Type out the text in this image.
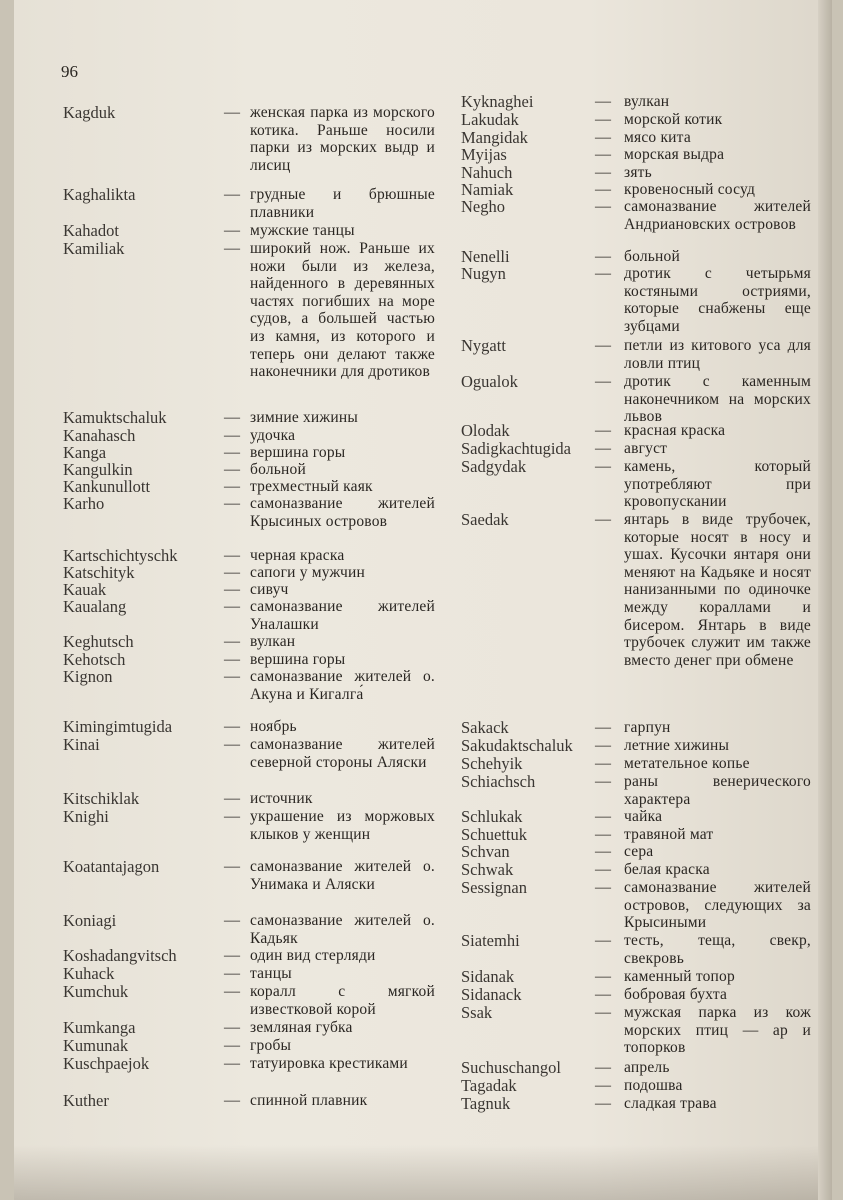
96
Kagduk	— женская парка из морского котика. Раньше носили парки из морских выдр и лисиц
Kaghalikta	— грудные и брюшные плавники
Kahadot	— мужские танцы
Kamiliak	— широкий нож. Раньше их ножи были из железа, найденного в деревянных частях погибших на море судов, а большей частью из камня, из которого и теперь они делают также наконечники для дротиков
Kamuktschaluk	— зимние хижины
Kanahasch	— удочка
Kanga	— вершина горы
Kangulkin	— больной
Kankunullott	— трехместный каяк
Karho	— самоназвание жителей Крысиных островов
Kartschichtyschk	— черная краска
Katschityk	— сапоги у мужчин
Kauak	— сивуч
Kaualang	— самоназвание жителей Уналашки
Keghutsch	— вулкан
Kehotsch	— вершина горы
Kignon	— самоназвание жителей о. Акуна и Кигалга́
Kimingimtugida	— ноябрь
Kinai	— самоназвание жителей северной стороны Аляски
Kitschiklak	— источник
Knighi	— украшение из моржовых клыков у женщин
Koatantajagon	— самоназвание жителей о. Унимака и Аляски
Koniagi	— самоназвание жителей о. Кадьяк
Koshadangvitsch	— один вид стерляди
Kuhack	— танцы
Kumchuk	— коралл с мягкой известковой корой
Kumkanga	— земляная губка
Kumunak	— гробы
Kuschpaejok	— татуировка крестиками
Kuther	— спинной плавник
Kyknaghei	— вулкан
Lakudak	— морской котик
Mangidak	— мясо кита
Myijas	— морская выдра
Nahuch	— зять
Namiak	— кровеносный сосуд
Negho	— самоназвание жителей Андриановских островов
Nenelli	— больной
Nugyn	— дротик с четырьмя костяными остриями, которые снабжены еще зубцами
Nygatt	— петли из китового уса для ловли птиц
Ogualok	— дротик с каменным наконечником на морских львов
Olodak	— красная краска
Sadigkachtugida — август
Sadgydak	— камень, который употребляют при кровопускании
Saedak	— янтарь в виде трубочек, которые носят в носу и ушах. Кусочки янтаря они меняют на Кадьяке и носят нанизанными по одиночке между кораллами и бисером. Янтарь в виде трубочек служит им также вместо денег при обмене
Sakack	— гарпун
Sakudaktschaluk — летние хижины
Schehyik	— метательное копье
Schiachsch	— раны венерического характера
Schlukak	— чайка
Schuettuk	— травяной мат
Schvan	— сера
Schwak	— белая краска
Sessignan	— самоназвание жителей островов, следующих за Крысиными
Siatemhi	— тесть, теща, свекр, свекровь
Sidanak	— каменный топор
Sidanack	— бобровая бухта
Ssak	— мужская парка из кож морских птиц — ар и топорков
Suchuschangol — апрель
Tagadak	— подошва
Tagnuk	— сладкая трава
